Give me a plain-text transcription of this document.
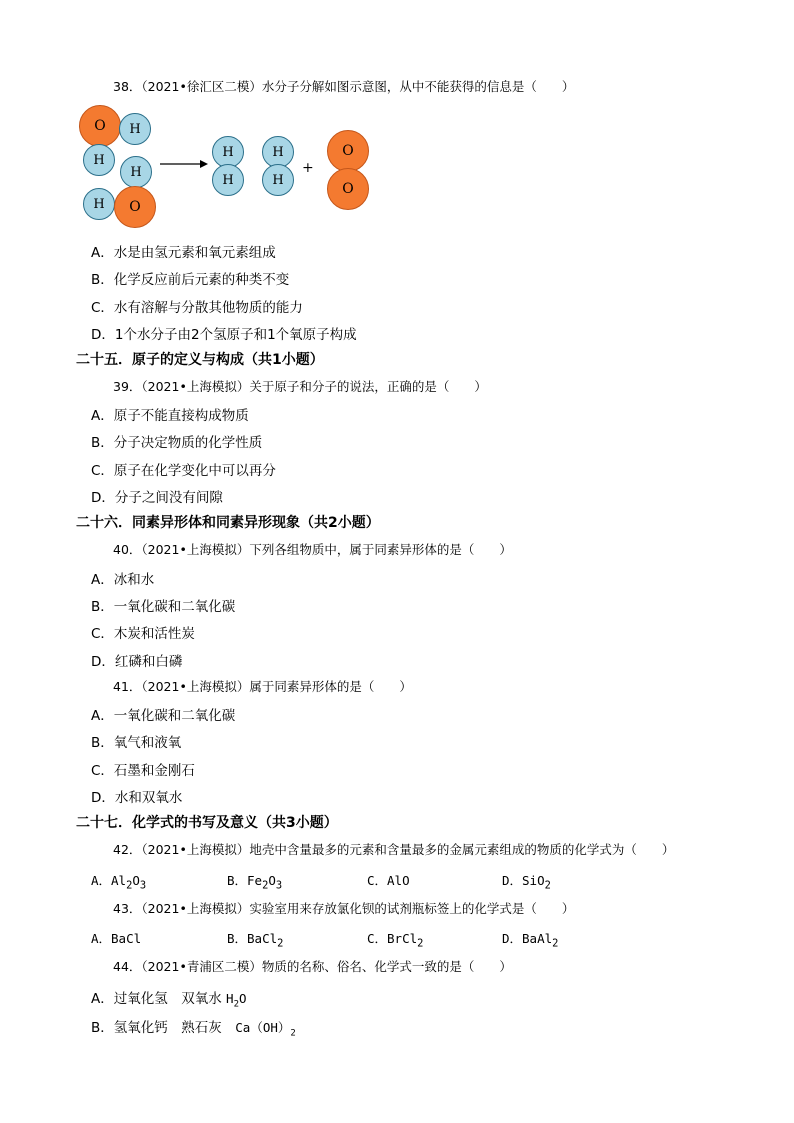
38．（2021•徐汇区二模）水分子分解如图示意图，从中不能获得的信息是（　　）
O	H
H
H
H	O
H
H
H
H
+
O
O
A．水是由氢元素和氧元素组成
B．化学反应前后元素的种类不变
C．水有溶解与分散其他物质的能力
D．1个水分子由2个氢原子和1个氧原子构成
二十五．原子的定义与构成（共1小题）
39．（2021•上海模拟）关于原子和分子的说法，正确的是（　　）
A．原子不能直接构成物质
B．分子决定物质的化学性质
C．原子在化学变化中可以再分
D．分子之间没有间隙
二十六．同素异形体和同素异形现象（共2小题）
40．（2021•上海模拟）下列各组物质中，属于同素异形体的是（　　）
A．冰和水
B．一氧化碳和二氧化碳
C．木炭和活性炭
D．红磷和白磷
41．（2021•上海模拟）属于同素异形体的是（　　）
A．一氧化碳和二氧化碳
B．氧气和液氧
C．石墨和金刚石
D．水和双氧水
二十七．化学式的书写及意义（共3小题）
42．（2021•上海模拟）地壳中含量最多的元素和含量最多的金属元素组成的物质的化学式为（　　）
A．$Al_2O_3$	B．$Fe_2O_3$	C．AlO	D．SiO$_2$
43．（2021•上海模拟）实验室用来存放氯化钡的试剂瓶标签上的化学式是（　　）
A．BaCl	B．BaCl$_2$	C．BrCl$_2$	D．BaAl$_2$
44．（2021•青浦区二模）物质的名称、俗名、化学式一致的是（　　）
A．过氧化氢　双氧水 $H_2O$
B．氢氧化钙　熟石灰　$Ca(OH)_2$
